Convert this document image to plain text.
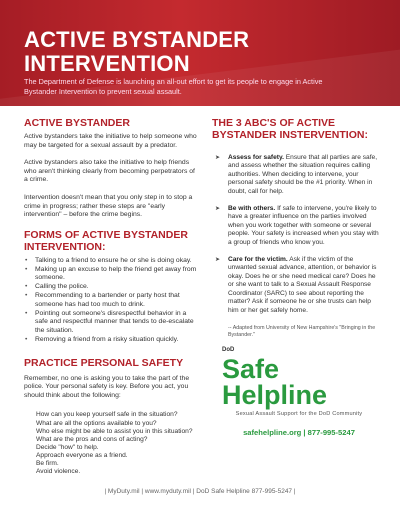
ACTIVE BYSTANDER INTERVENTION

The Department of Defense is launching an all-out effort to get its people to engage in Active Bystander Intervention to prevent sexual assault.

ACTIVE BYSTANDER

Active bystanders take the initiative to help someone who may be targeted for a sexual assault by a predator.

Active bystanders also take the initiative to help friends who aren't thinking clearly from becoming perpetrators of a crime.

Intervention doesn't mean that you only step in to stop a crime in progress; rather these steps are "early intervention" – before the crime begins.

FORMS OF ACTIVE BYSTANDER INTERVENTION:
• Talking to a friend to ensure he or she is doing okay.
• Making up an excuse to help the friend get away from someone.
• Calling the police.
• Recommending to a bartender or party host that someone has had too much to drink.
• Pointing out someone's disrespectful behavior in a safe and respectful manner that tends to de-escalate the situation.
• Removing a friend from a risky situation quickly.
PRACTICE PERSONAL SAFETY

Remember, no one is asking you to take the part of the police. Your personal safety is key. Before you act, you should think about the following:

How can you keep yourself safe in the situation?
What are all the options available to you?
Who else might be able to assist you in this situation?
What are the pros and cons of acting?
Decide "how" to help.
Approach everyone as a friend.
Be firm.
Avoid violence.
THE 3 ABC'S OF ACTIVE BYSTANDER INSTERVENTION:
➤ Assess for safety. Ensure that all parties are safe, and assess whether the situation requires calling authorities. When deciding to intervene, your personal safety should be the #1 priority. When in doubt, call for help.
➤ Be with others. If safe to intervene, you're likely to have a greater influence on the parties involved when you work together with someone or several people. Your safety is increased when you stay with a group of friends who know you.
➤ Care for the victim. Ask if the victim of the unwanted sexual advance, attention, or behavior is okay. Does he or she need medical care? Does he or she want to talk to a Sexual Assault Response Coordinator (SARC) to see about reporting the matter? Ask if someone he or she trusts can help him or her get safely home.

-- Adapted from University of New Hampshire's "Bringing in the Bystander."

DoD
Safe
Helpline
Sexual Assault Support for the DoD Community
safehelpline.org | 877-995-5247
| MyDuty.mil | www.myduty.mil | DoD Safe Helpline 877-995-5247 |
